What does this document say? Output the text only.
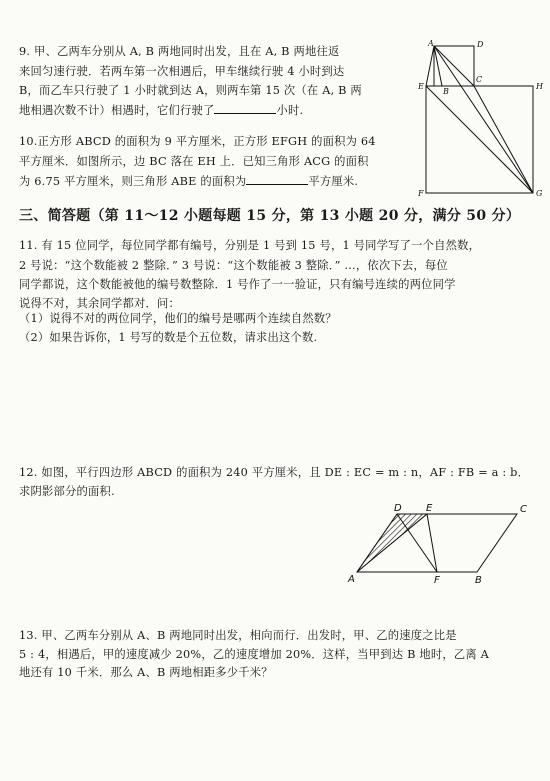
9. 甲、乙两车分别从 A, B 两地同时出发，且在 A, B 两地往返
来回匀速行驶．若两车第一次相遇后，甲车继续行驶 4 小时到达
B，而乙车只行驶了 1 小时就到达 A，则两车第 15 次（在 A, B 两
地相遇次数不计）相遇时，它们行驶了	小时.
10.正方形 ABCD 的面积为 9 平方厘米，正方形 EFGH 的面积为 64
平方厘米．如图所示，边 BC 落在 EH 上．已知三角形 ACG 的面积
为 6.75 平方厘米，则三角形 ABE 的面积为	平方厘米.
A	D
E
B
C
H
F	G
三、简答题（第 11～12 小题每题 15 分，第 13 小题 20 分，满分 50 分）
11. 有 15 位同学，每位同学都有编号，分别是 1 号到 15 号，1 号同学写了一个自然数，
2 号说：“这个数能被 2 整除．” 3 号说：“这个数能被 3 整除．” …，依次下去，每位
同学都说，这个数能被他的编号数整除．1 号作了一一验证，只有编号连续的两位同学
说得不对，其余同学都对．问：
（1）说得不对的两位同学，他们的编号是哪两个连续自然数？
（2）如果告诉你，1 号写的数是个五位数，请求出这个数.
12. 如图，平行四边形 ABCD 的面积为 240 平方厘米，且 DE : EC = m : n，AF : FB = a : b．
求阴影部分的面积.
D E	C
A	F	B
13. 甲、乙两车分别从 A、B 两地同时出发，相向而行．出发时，甲、乙的速度之比是
5 : 4，相遇后，甲的速度减少 20%，乙的速度增加 20%．这样，当甲到达 B 地时，乙离 A
地还有 10 千米．那么 A、B 两地相距多少千米？
